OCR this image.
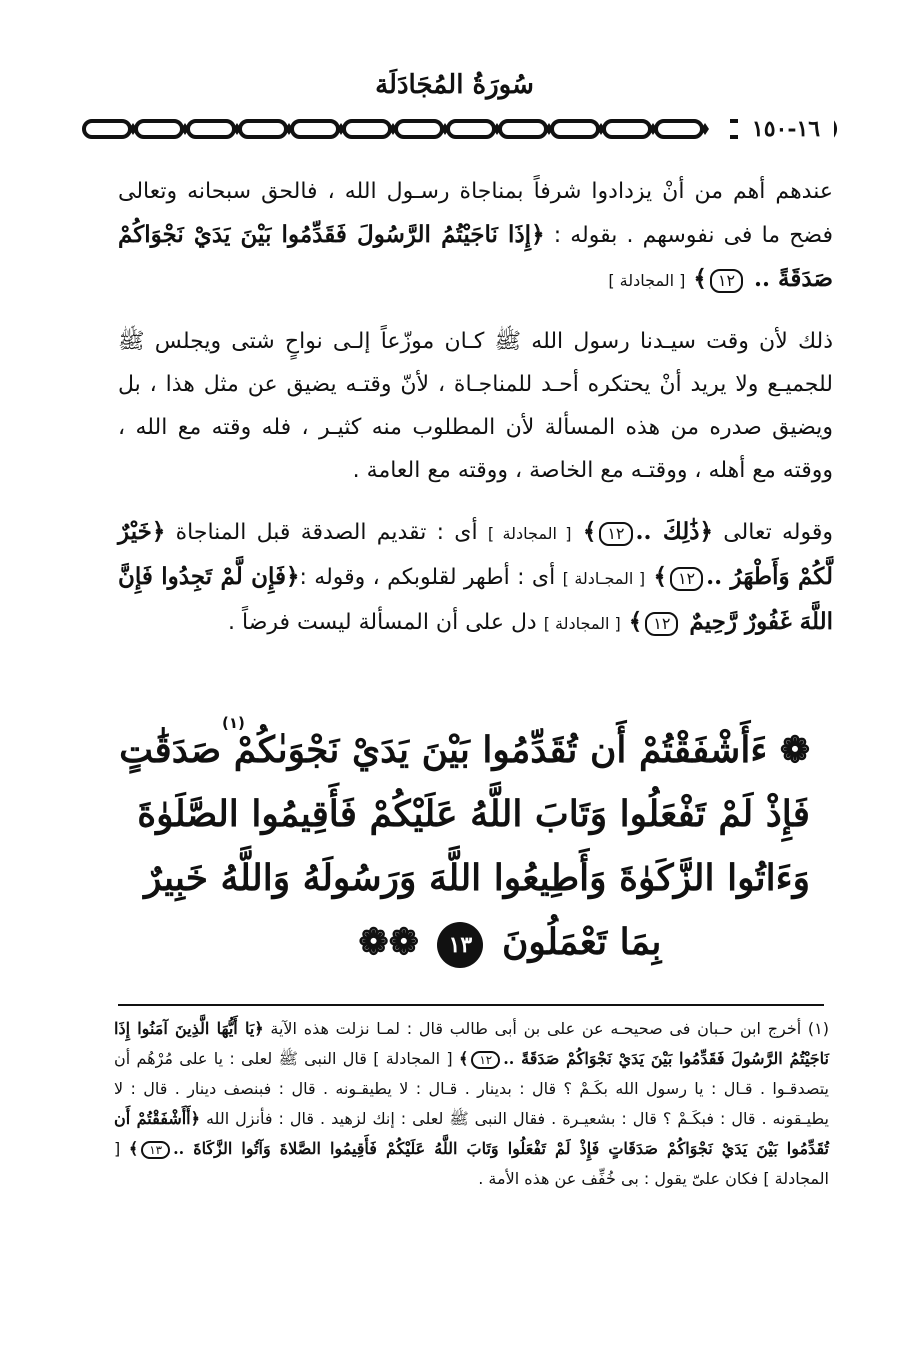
سُورَةُ المُجَادَلَة
١٦-١٥٠

عندهم أهم من أنْ يزدادوا شرفاً بمناجاة رسـول الله ، فالحق سبحانه وتعالى فضح ما فى نفوسهم . بقوله : ﴿إِذَا نَاجَيْتُمُ الرَّسُولَ فَقَدِّمُوا بَيْنَ يَدَيْ نَجْوَاكُمْ صَدَقَةً .. ١٢﴾ [ المجادلة ]

ذلك لأن وقت سيـدنا رسول الله ﷺ كـان موزّعاً إلـى نواحٍ شتى ويجلس ﷺ للجميـع ولا يريد أنْ يحتكره أحـد للمناجـاة ، لأنّ وقتـه يضيق عن مثل هذا ، بل ويضيق صدره من هذه المسألة لأن المطلوب منه كثيـر ، فله وقته مع الله ، ووقته مع أهله ، ووقتـه مع الخاصة ، ووقته مع العامة .

وقوله تعالى ﴿ذَٰلِكَ ..١٢﴾ [ المجادلة ] أى : تقديم الصدقة قبل المناجاة ﴿خَيْرٌ لَّكُمْ وَأَطْهَرُ ..١٢﴾ [ المجـادلة ] أى : أطهر لقلوبكم ، وقوله :﴿فَإِن لَّمْ تَجِدُوا فَإِنَّ اللَّهَ غَفُورٌ رَّحِيمٌ ١٢﴾ [ المجادلة ] دل على أن المسألة ليست فرضاً .

(١)
❁ ءَأَشْفَقْتُمْ أَن تُقَدِّمُوا بَيْنَ يَدَيْ نَجْوَىٰكُمْ صَدَقَٰتٍ
فَإِذْ لَمْ تَفْعَلُوا وَتَابَ اللَّهُ عَلَيْكُمْ فَأَقِيمُوا الصَّلَوٰةَ
وَءَاتُوا الزَّكَوٰةَ وَأَطِيعُوا اللَّهَ وَرَسُولَهُ وَاللَّهُ خَبِيرٌ
بِمَا تَعْمَلُونَ ١٣ ❁❁

(١) أخرج ابن حـبان فى صحيحـه عن على بن أبى طالب قال : لمـا نزلت هذه الآية ﴿يَا أَيُّهَا الَّذِينَ آمَنُوا إِذَا نَاجَيْتُمُ الرَّسُولَ فَقَدِّمُوا بَيْنَ يَدَيْ نَجْوَاكُمْ صَدَقَةً ..١٢﴾ [ المجادلة ] قال النبى ﷺ لعلى : يا على مُرْهُم أن يتصدقـوا . قـال : يا رسول الله بكَـمْ ؟ قال : بدينار . قـال : لا يطيقـونه . قال : فبنصف دينار . قال : لا يطيـقونه . قال : فبكَـمْ ؟ قال : بشعيـرة . فقال النبى ﷺ لعلى : إنك لزهيد . قال : فأنزل الله ﴿أَأَشْفَقْتُمْ أَن تُقَدِّمُوا بَيْنَ يَدَيْ نَجْوَاكُمْ صَدَقَاتٍ فَإِذْ لَمْ تَفْعَلُوا وَتَابَ اللَّهُ عَلَيْكُمْ فَأَقِيمُوا الصَّلاةَ وَآتُوا الزَّكَاةَ ..١٣﴾ [ المجادلة ] فكان علىّ يقول : بى خُفِّف عن هذه الأمة .
